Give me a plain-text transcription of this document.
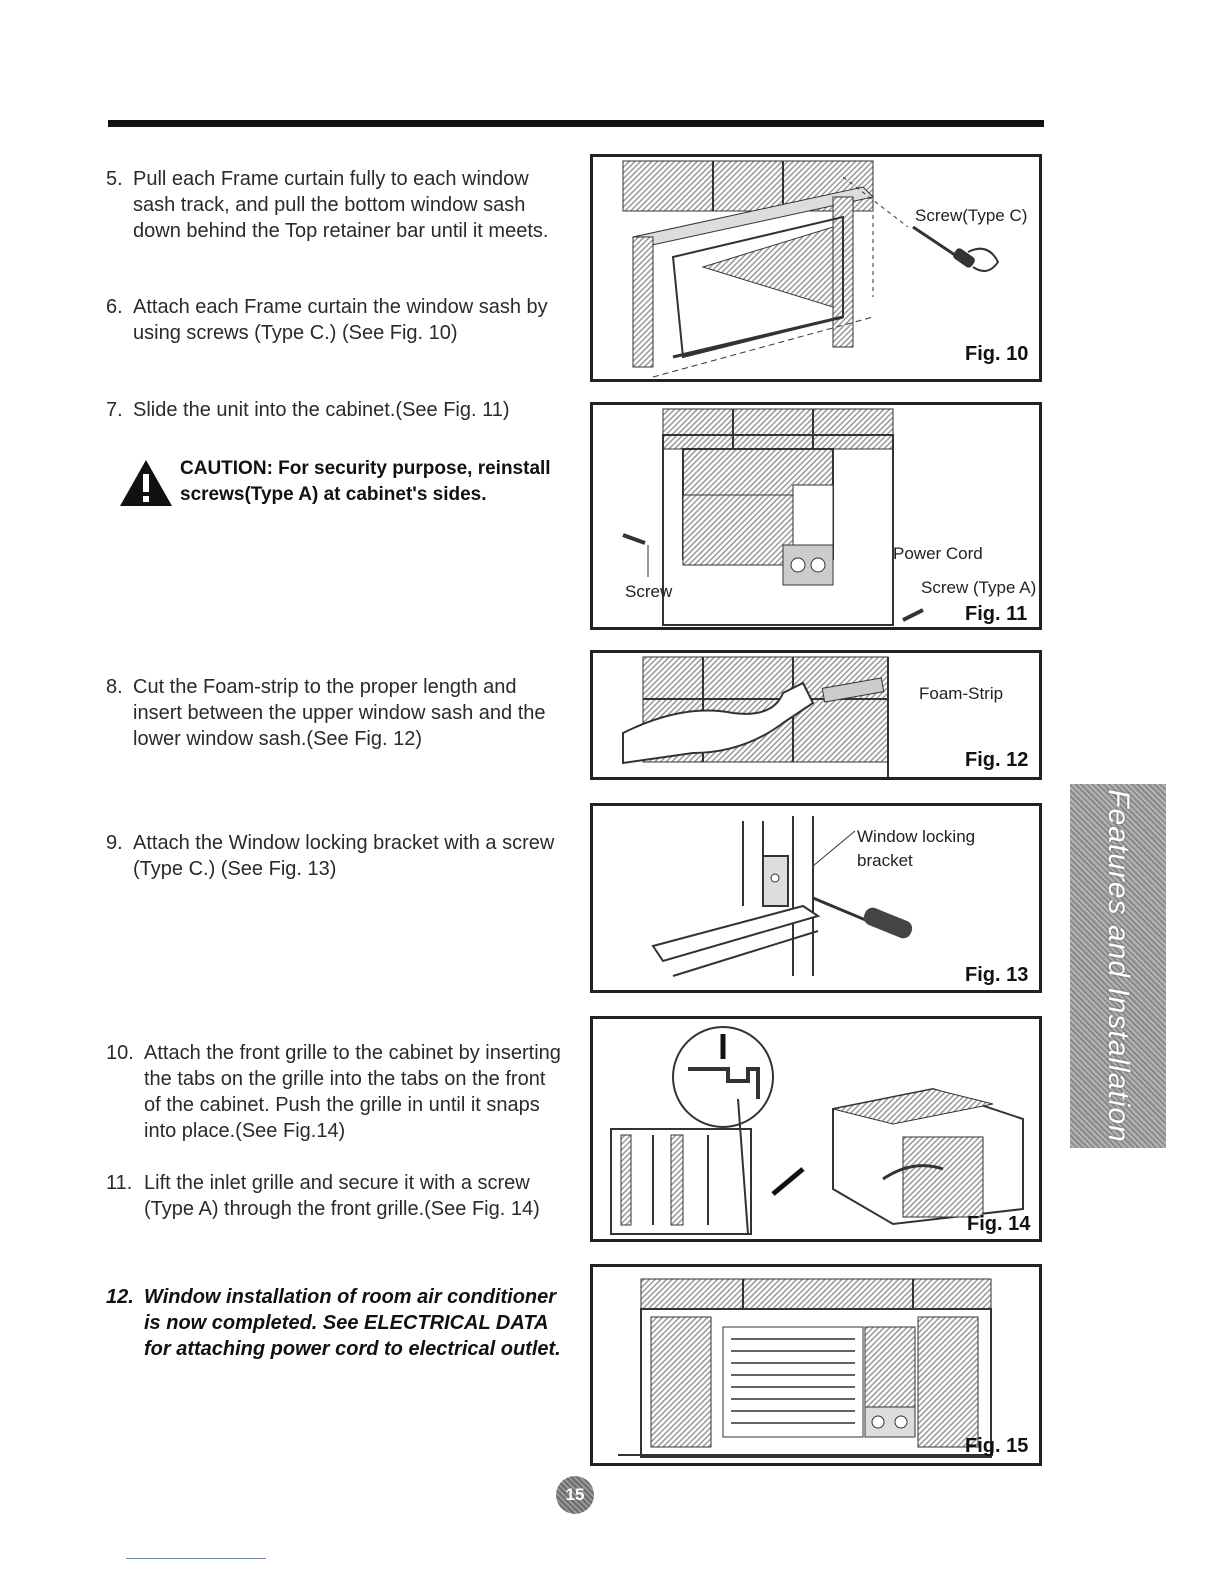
5. Pull each Frame curtain fully to each window sash track, and pull the bottom window sash down behind the Top retainer bar until it meets.
6. Attach each Frame curtain the window sash by using screws (Type C.) (See Fig. 10)
7. Slide the unit into the cabinet.(See Fig. 11)
CAUTION: For security purpose, reinstall screws(Type A) at cabinet's sides.
8. Cut the Foam-strip to the proper length and insert between the upper window sash and the lower window sash.(See Fig. 12)
9. Attach the Window locking bracket with a screw (Type C.) (See Fig. 13)
10. Attach the front grille to the cabinet by inserting the tabs on the grille into the tabs on the front of the cabinet. Push the grille in until it snaps into place.(See Fig.14)
11. Lift the inlet grille and secure it with a screw (Type A) through the front grille.(See Fig. 14)
12. Window installation of room air conditioner is now completed. See ELECTRICAL DATA for attaching power cord to electrical outlet.
Screw(Type C)
Fig. 10
Power Cord
Screw (Type A)
Screw
Fig. 11
Foam-Strip
Fig. 12
Window locking
bracket
Fig. 13
Fig. 14
Fig. 15
Features and Installation
15
